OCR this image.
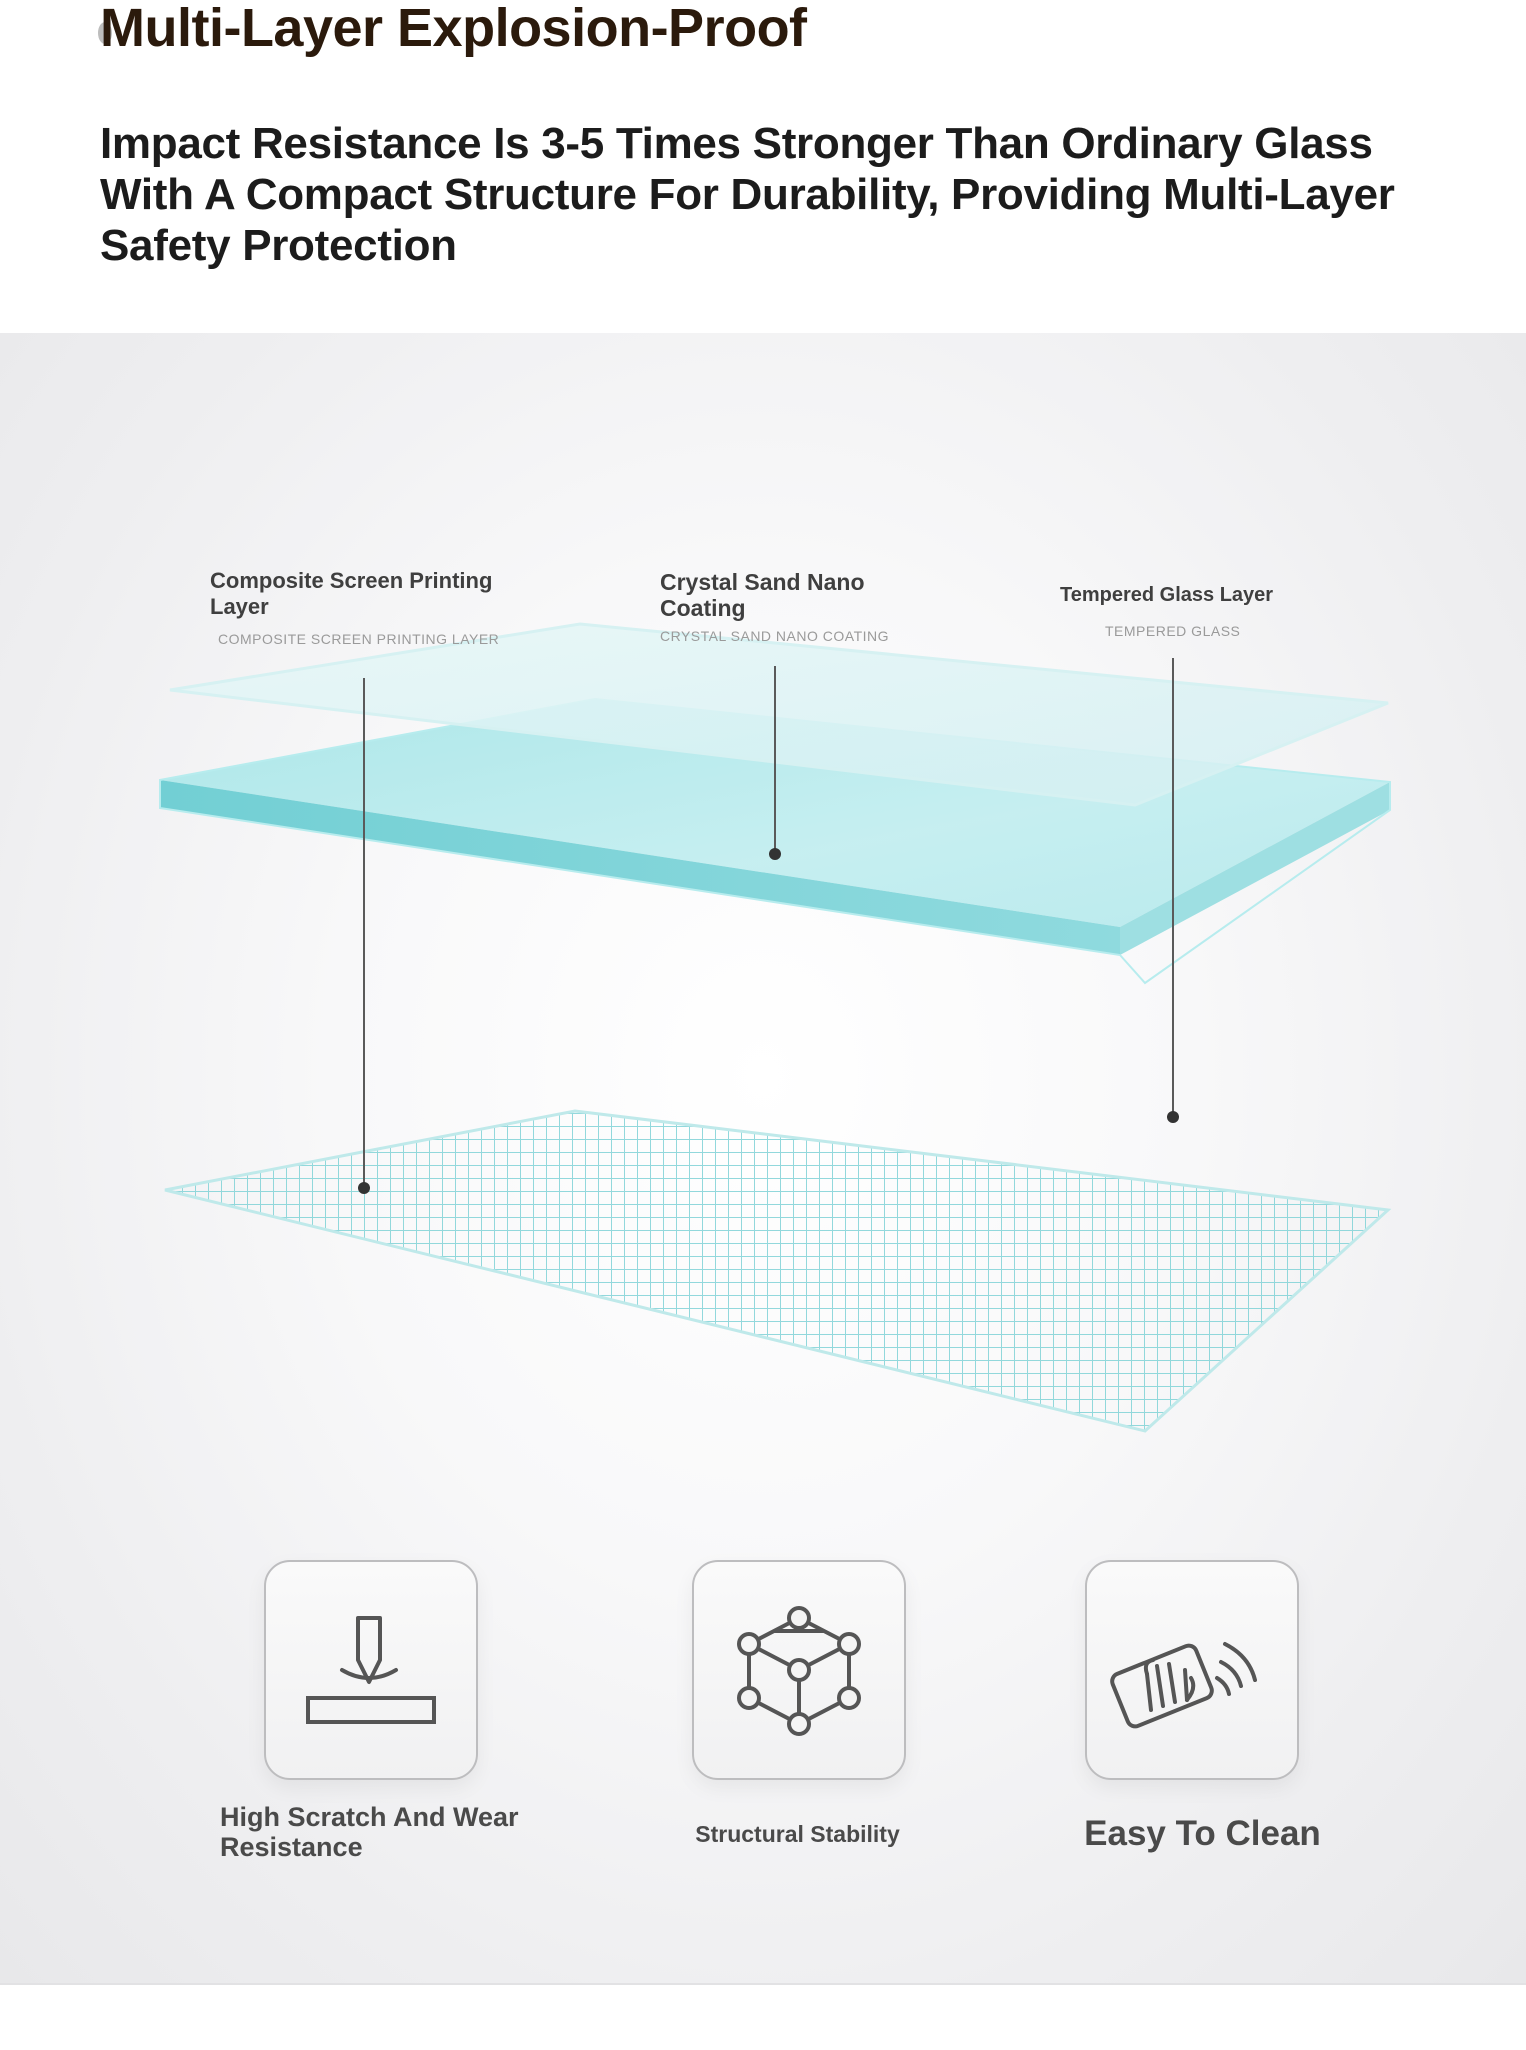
Multi-Layer Explosion-Proof

Impact Resistance Is 3-5 Times Stronger Than Ordinary Glass With A Compact Structure For Durability, Providing Multi-Layer Safety Protection

Composite Screen Printing Layer
COMPOSITE SCREEN PRINTING LAYER
Crystal Sand Nano Coating
CRYSTAL SAND NANO COATING
Tempered Glass Layer
TEMPERED GLASS
High Scratch And Wear Resistance	Structural Stability	Easy To Clean
